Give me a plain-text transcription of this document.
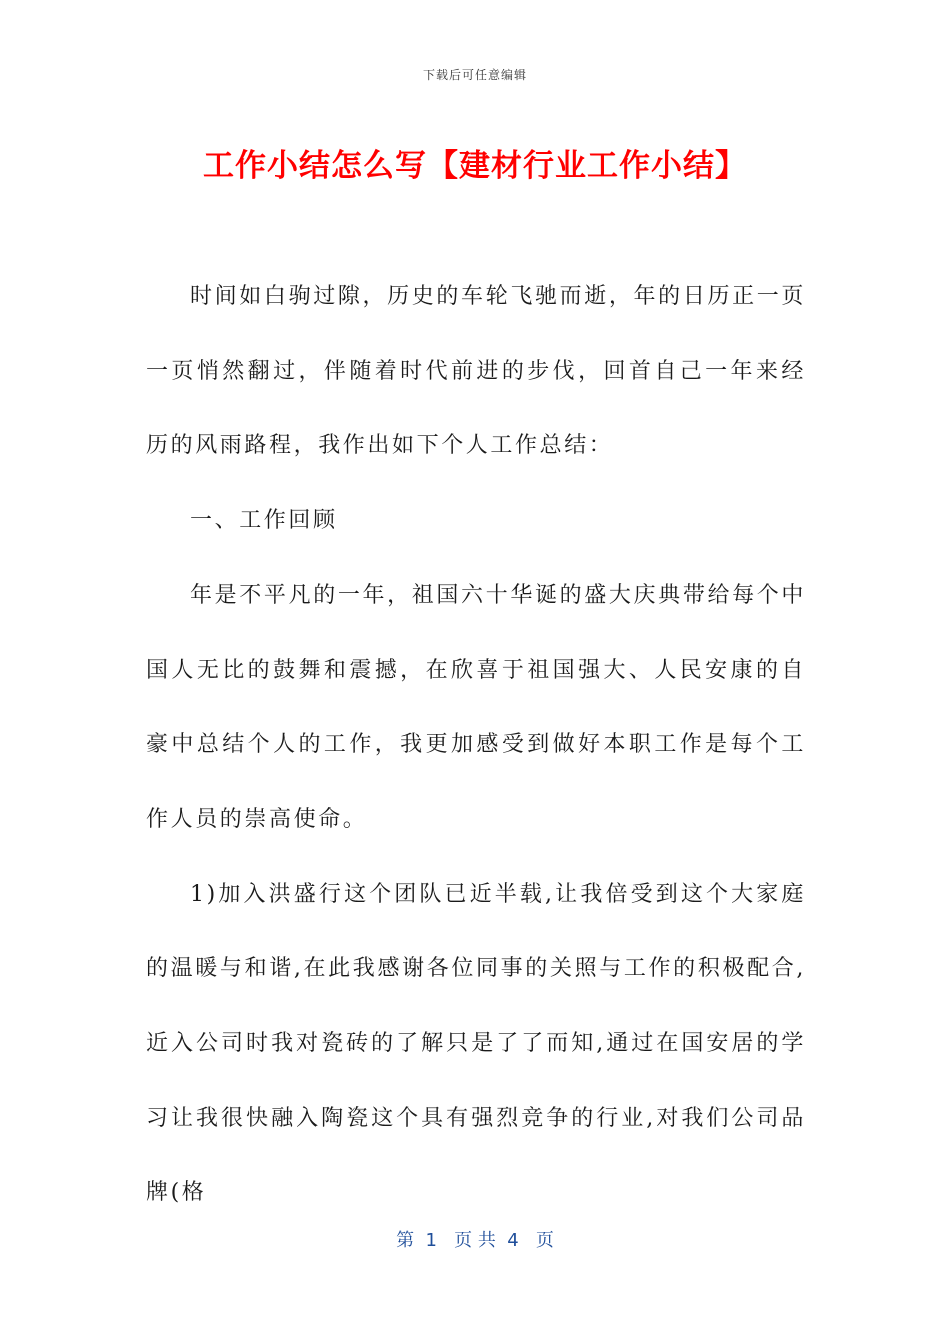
下载后可任意编辑
工作小结怎么写【建材行业工作小结】

时间如白驹过隙，历史的车轮飞驰而逝，年的日历正一页一页悄然翻过，伴随着时代前进的步伐，回首自己一年来经历的风雨路程，我作出如下个人工作总结：

一、工作回顾

年是不平凡的一年，祖国六十华诞的盛大庆典带给每个中国人无比的鼓舞和震撼，在欣喜于祖国强大、人民安康的自豪中总结个人的工作，我更加感受到做好本职工作是每个工作人员的崇高使命。

1)加入洪盛行这个团队已近半载,让我倍受到这个大家庭的温暖与和谐,在此我感谢各位同事的关照与工作的积极配合,近入公司时我对瓷砖的了解只是了了而知,通过在国安居的学习让我很快融入陶瓷这个具有强烈竞争的行业,对我们公司品牌(格

第  1   页 共  4   页
